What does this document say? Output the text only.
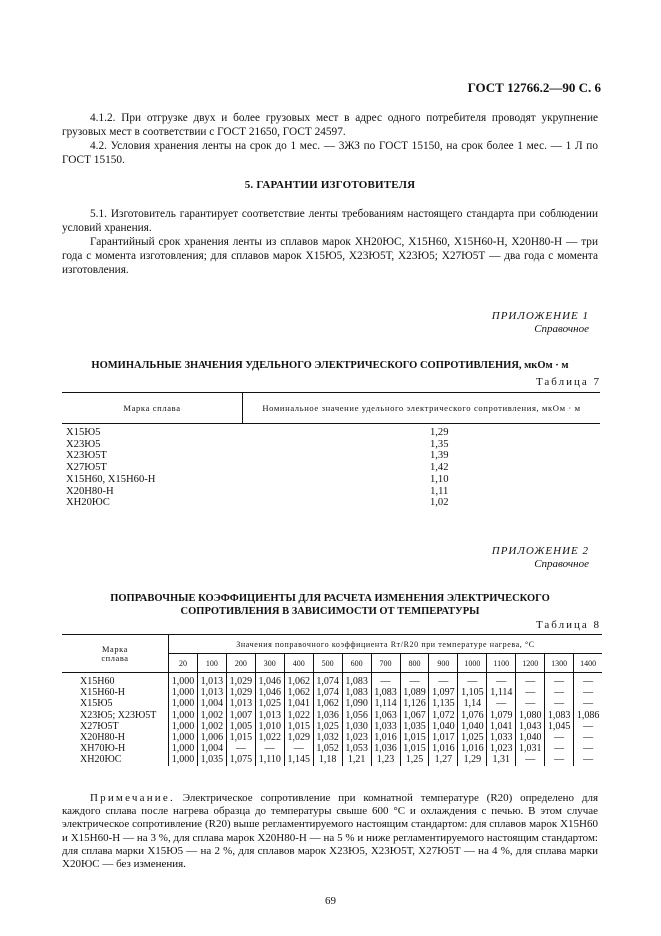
ГОСТ 12766.2—90 С. 6

4.1.2. При отгрузке двух и более грузовых мест в адрес одного потребителя проводят укрупнение грузовых мест в соответствии с ГОСТ 21650, ГОСТ 24597.

4.2. Условия хранения ленты на срок до 1 мес. — 3ЖЗ по ГОСТ 15150, на срок более 1 мес. — 1 Л по ГОСТ 15150.

5. ГАРАНТИИ ИЗГОТОВИТЕЛЯ

5.1. Изготовитель гарантирует соответствие ленты требованиям настоящего стандарта при соблюдении условий хранения.

Гарантийный срок хранения ленты из сплавов марок ХН20ЮС, Х15Н60, Х15Н60-Н, Х20Н80-Н — три года с момента изготовления; для сплавов марок Х15Ю5, Х23Ю5Т, Х23Ю5; Х27Ю5Т — два года с момента изготовления.

ПРИЛОЖЕНИЕ 1
Справочное
НОМИНАЛЬНЫЕ ЗНАЧЕНИЯ УДЕЛЬНОГО ЭЛЕКТРИЧЕСКОГО СОПРОТИВЛЕНИЯ, мкОм · м
Таблица 7
Марка сплава	Номинальное значение удельного электрического сопротивления, мкОм · м
Х15Ю5	1,29
Х23Ю5	1,35
Х23Ю5Т	1,39
Х27Ю5Т	1,42
Х15Н60, Х15Н60-Н	1,10
Х20Н80-Н	1,11
ХН20ЮС	1,02
ПРИЛОЖЕНИЕ 2
Справочное
ПОПРАВОЧНЫЕ КОЭФФИЦИЕНТЫ ДЛЯ РАСЧЕТА ИЗМЕНЕНИЯ ЭЛЕКТРИЧЕСКОГО
СОПРОТИВЛЕНИЯ В ЗАВИСИМОСТИ ОТ ТЕМПЕРАТУРЫ
Таблица 8
Марка
сплава	Значения поправочного коэффициента Rт/R20 при температуре нагрева, °С														
	20	100	200	300	400	500	600	700	800	900	1000	1100	1200	1300	1400
Х15Н60	1,000	1,013	1,029	1,046	1,062	1,074	1,083	—	—	—	—	—	—	—	—
Х15Н60-Н	1,000	1,013	1,029	1,046	1,062	1,074	1,083	1,083	1,089	1,097	1,105	1,114	—	—	—
Х15Ю5	1,000	1,004	1,013	1,025	1,041	1,062	1,090	1,114	1,126	1,135	1,14	—	—	—	—
Х23Ю5; Х23Ю5Т	1,000	1,002	1,007	1,013	1,022	1,036	1,056	1,063	1,067	1,072	1,076	1,079	1,080	1,083	1,086
Х27Ю5Т	1,000	1,002	1,005	1,010	1,015	1,025	1,030	1,033	1,035	1,040	1,040	1,041	1,043	1,045	—
Х20Н80-Н	1,000	1,006	1,015	1,022	1,029	1,032	1,023	1,016	1,015	1,017	1,025	1,033	1,040	—	—
ХН70Ю-Н	1,000	1,004	—	—	—	1,052	1,053	1,036	1,015	1,016	1,016	1,023	1,031	—	—
ХН20ЮС	1,000	1,035	1,075	1,110	1,145	1,18	1,21	1,23	1,25	1,27	1,29	1,31	—	—	—

Примечание. Электрическое сопротивление при комнатной температуре (R20) определено для каждого сплава после нагрева образца до температуры свыше 600 °С и охлаждения с печью. В этом случае электрическое сопротивление (R20) выше регламентируемого настоящим стандартом: для сплавов марок Х15Н60 и Х15Н60-Н — на 3 %, для сплава марок Х20Н80-Н — на 5 % и ниже регламентируемого настоящим стандартом: для сплава марки Х15Ю5 — на 2 %, для сплавов марок Х23Ю5, Х23Ю5Т, Х27Ю5Т — на 4 %, для сплава марки Х20ЮС — без изменения.

69
